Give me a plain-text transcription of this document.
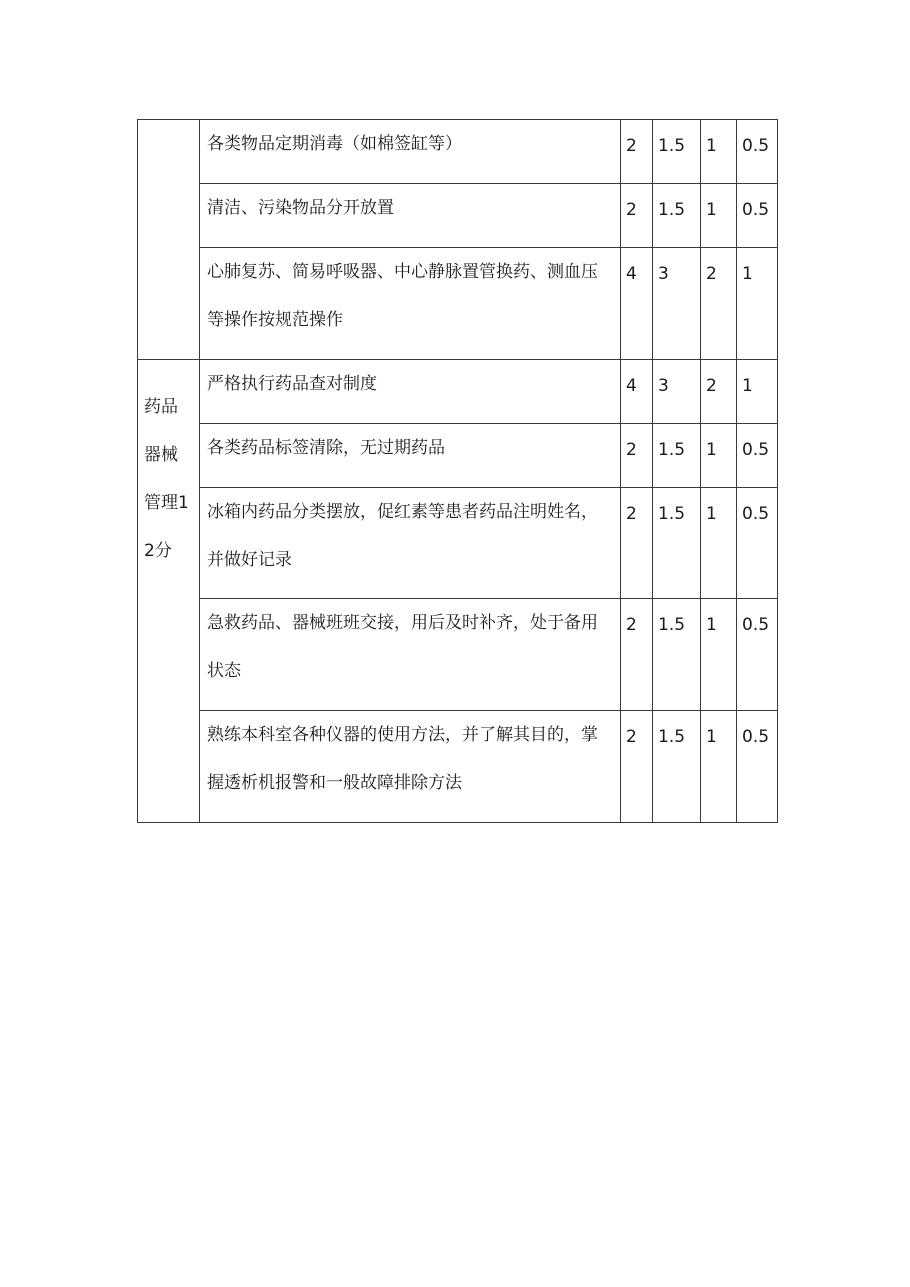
	各类物品定期消毒（如棉签缸等）	2	1.5	1	0.5

	清洁、污染物品分开放置	2	1.5	1	0.5

	心肺复苏、简易呼吸器、中心静脉置管换药、测血压等操作按规范操作	4	3	2	1

药品器械管理12分	严格执行药品查对制度	4	3	2	1

	各类药品标签清除，无过期药品	2	1.5	1	0.5

	冰箱内药品分类摆放，促红素等患者药品注明姓名，并做好记录	2	1.5	1	0.5

	急救药品、器械班班交接，用后及时补齐，处于备用状态	2	1.5	1	0.5

	熟练本科室各种仪器的使用方法，并了解其目的，掌握透析机报警和一般故障排除方法	2	1.5	1	0.5
